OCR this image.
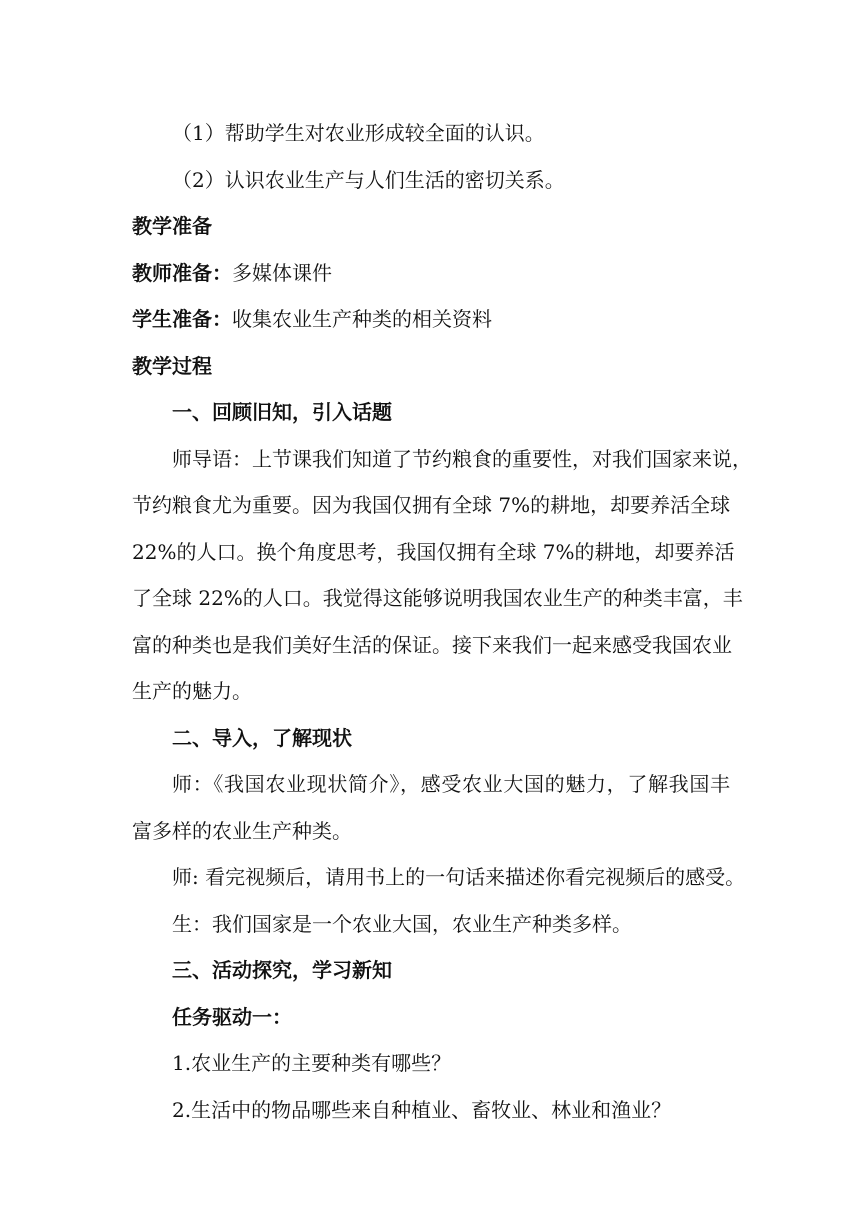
（1）帮助学生对农业形成较全面的认识。
（2）认识农业生产与人们生活的密切关系。
教学准备
教师准备：多媒体课件
学生准备：收集农业生产种类的相关资料
教学过程
一、回顾旧知，引入话题
师导语：上节课我们知道了节约粮食的重要性，对我们国家来说，
节约粮食尤为重要。因为我国仅拥有全球 7%的耕地，却要养活全球
22%的人口。换个角度思考，我国仅拥有全球 7%的耕地，却要养活
了全球 22%的人口。我觉得这能够说明我国农业生产的种类丰富，丰
富的种类也是我们美好生活的保证。接下来我们一起来感受我国农业
生产的魅力。
二、导入，了解现状
师：《我国农业现状简介》，感受农业大国的魅力，了解我国丰
富多样的农业生产种类。
师: 看完视频后，请用书上的一句话来描述你看完视频后的感受。
生：我们国家是一个农业大国，农业生产种类多样。
三、活动探究，学习新知
任务驱动一：
1.农业生产的主要种类有哪些？
2.生活中的物品哪些来自种植业、畜牧业、林业和渔业？
